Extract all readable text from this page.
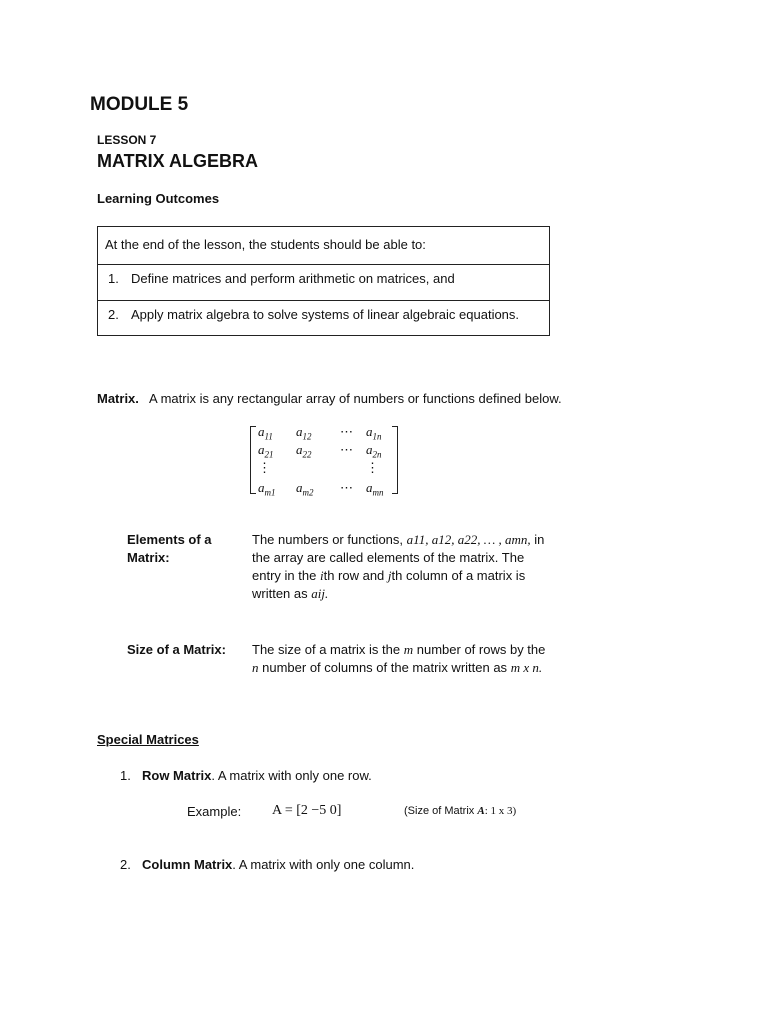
MODULE 5
LESSON 7
MATRIX ALGEBRA
Learning Outcomes
At the end of the lesson, the students should be able to:
1. Define matrices and perform arithmetic on matrices, and
2. Apply matrix algebra to solve systems of linear algebraic equations.
Matrix. A matrix is any rectangular array of numbers or functions defined below.
$a_{11}$ $a_{12}$ ⋯ $a_{1n}$
$a_{21}$ $a_{22}$ ⋯ $a_{2n}$
⋮	⋮
$a_{m1}$ $a_{m2}$ ⋯ $a_{mn}$
Elements of a Matrix:
The numbers or functions, a11, a12, a22, … , amn, in the array are called elements of the matrix. The entry in the ith row and jth column of a matrix is written as aij.
Size of a Matrix: The size of a matrix is the m number of rows by the n number of columns of the matrix written as m x n.
Special Matrices
1. Row Matrix. A matrix with only one row.
Example: A = [2 −5 0]	(Size of Matrix A: 1 x 3)
2. Column Matrix. A matrix with only one column.
